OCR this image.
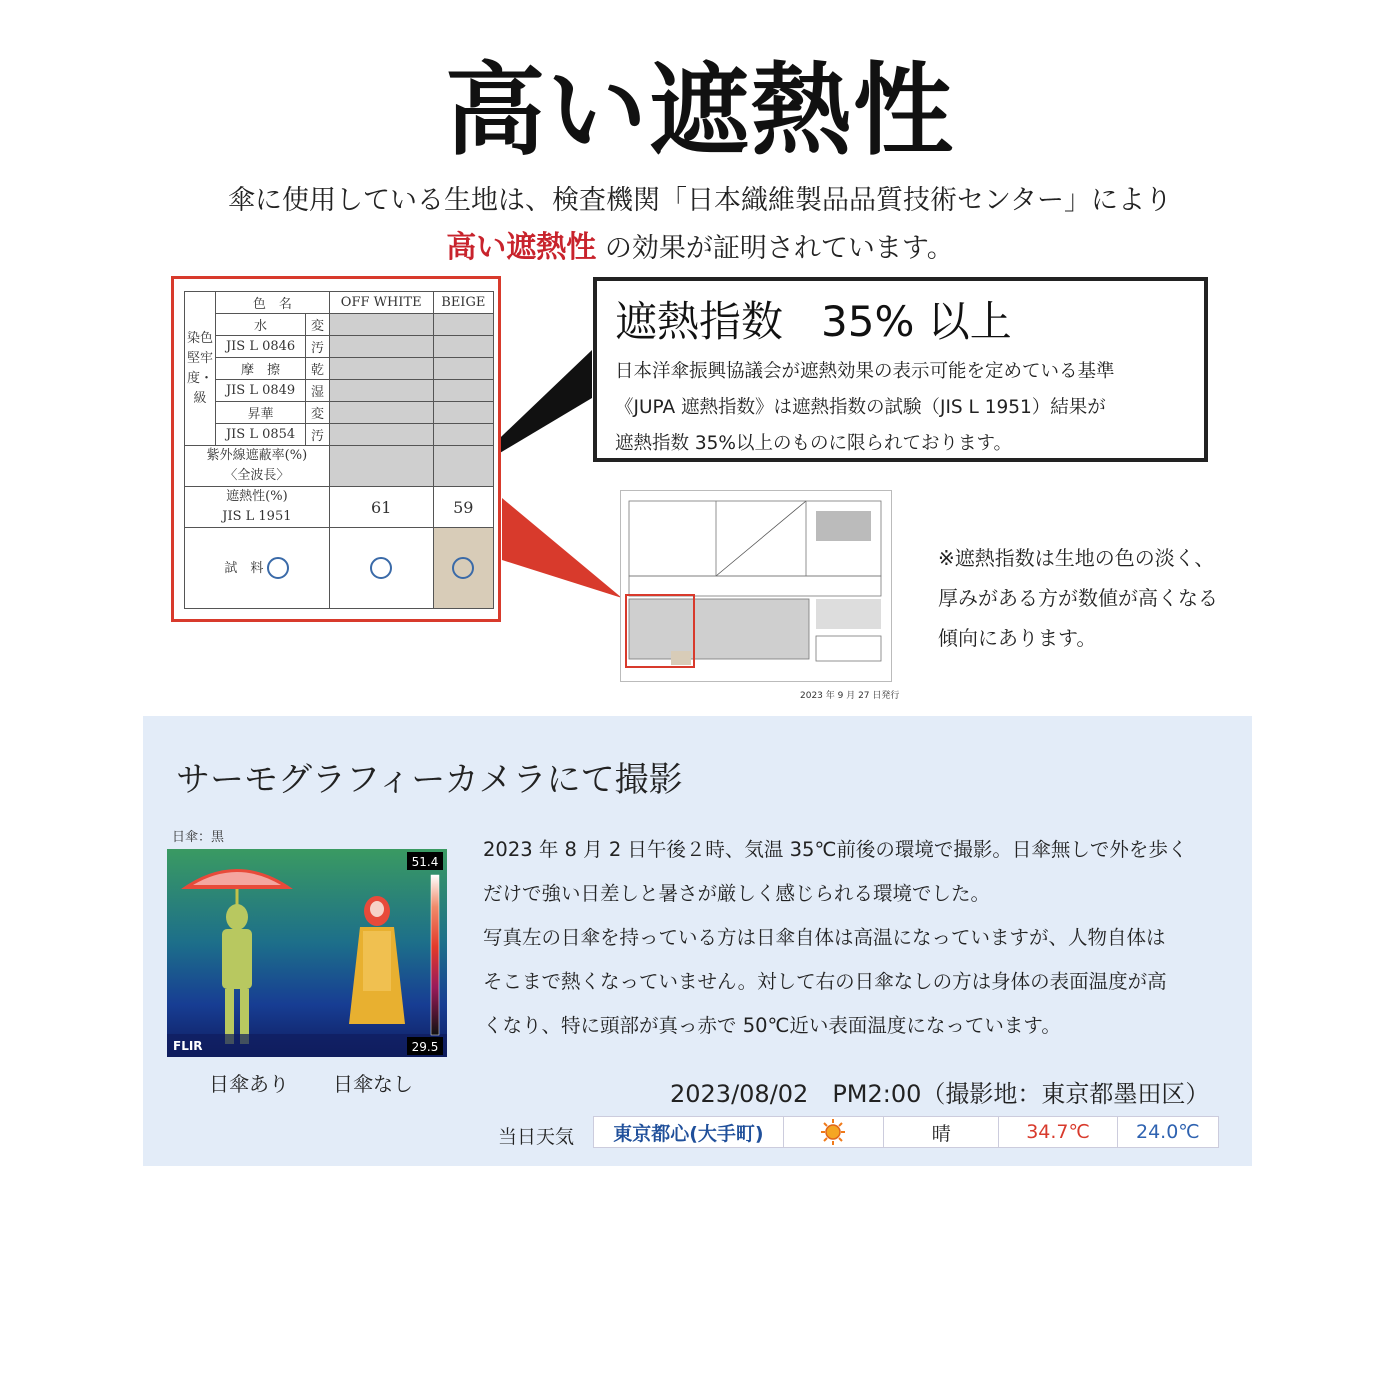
高い遮熱性
傘に使用している生地は、検査機関「日本織維製品品質技術センター」により
高い遮熱性 の効果が証明されています。
染色堅牢度・級	色　名		OFF WHITE	BEIGE
	水	変		
	JIS L 0846	汚		
	摩　擦	乾		
	JIS L 0849	湿		
	昇華	変		
	JIS L 0854	汚		

紫外線遮蔽率(%)
〈全波長〉				

遮熱性(%)
JIS L 1951			61	59
試　料				
遮熱指数 35% 以上
日本洋傘振興協議会が遮熱効果の表示可能を定めている基準
《JUPA 遮熱指数》は遮熱指数の試験（JIS L 1951）結果が
遮熱指数 35%以上のものに限られております。
2023 年 9 月 27 日発行
※遮熱指数は生地の色の淡く、
厚みがある方が数値が高くなる
傾向にあります。
サーモグラフィーカメラにて撮影
日傘：黒
51.4
29.5
FLIR
日傘あり 日傘なし
2023 年 8 月 2 日午後２時、気温 35℃前後の環境で撮影。日傘無しで外を歩く
だけで強い日差しと暑さが厳しく感じられる環境でした。
写真左の日傘を持っている方は日傘自体は高温になっていますが、人物自体は
そこまで熱くなっていません。対して右の日傘なしの方は身体の表面温度が高
くなり、特に頭部が真っ赤で 50℃近い表面温度になっています。
2023/08/02　PM2:00（撮影地：東京都墨田区）
当日天気	東京都心(大手町)	晴	34.7℃	24.0℃
